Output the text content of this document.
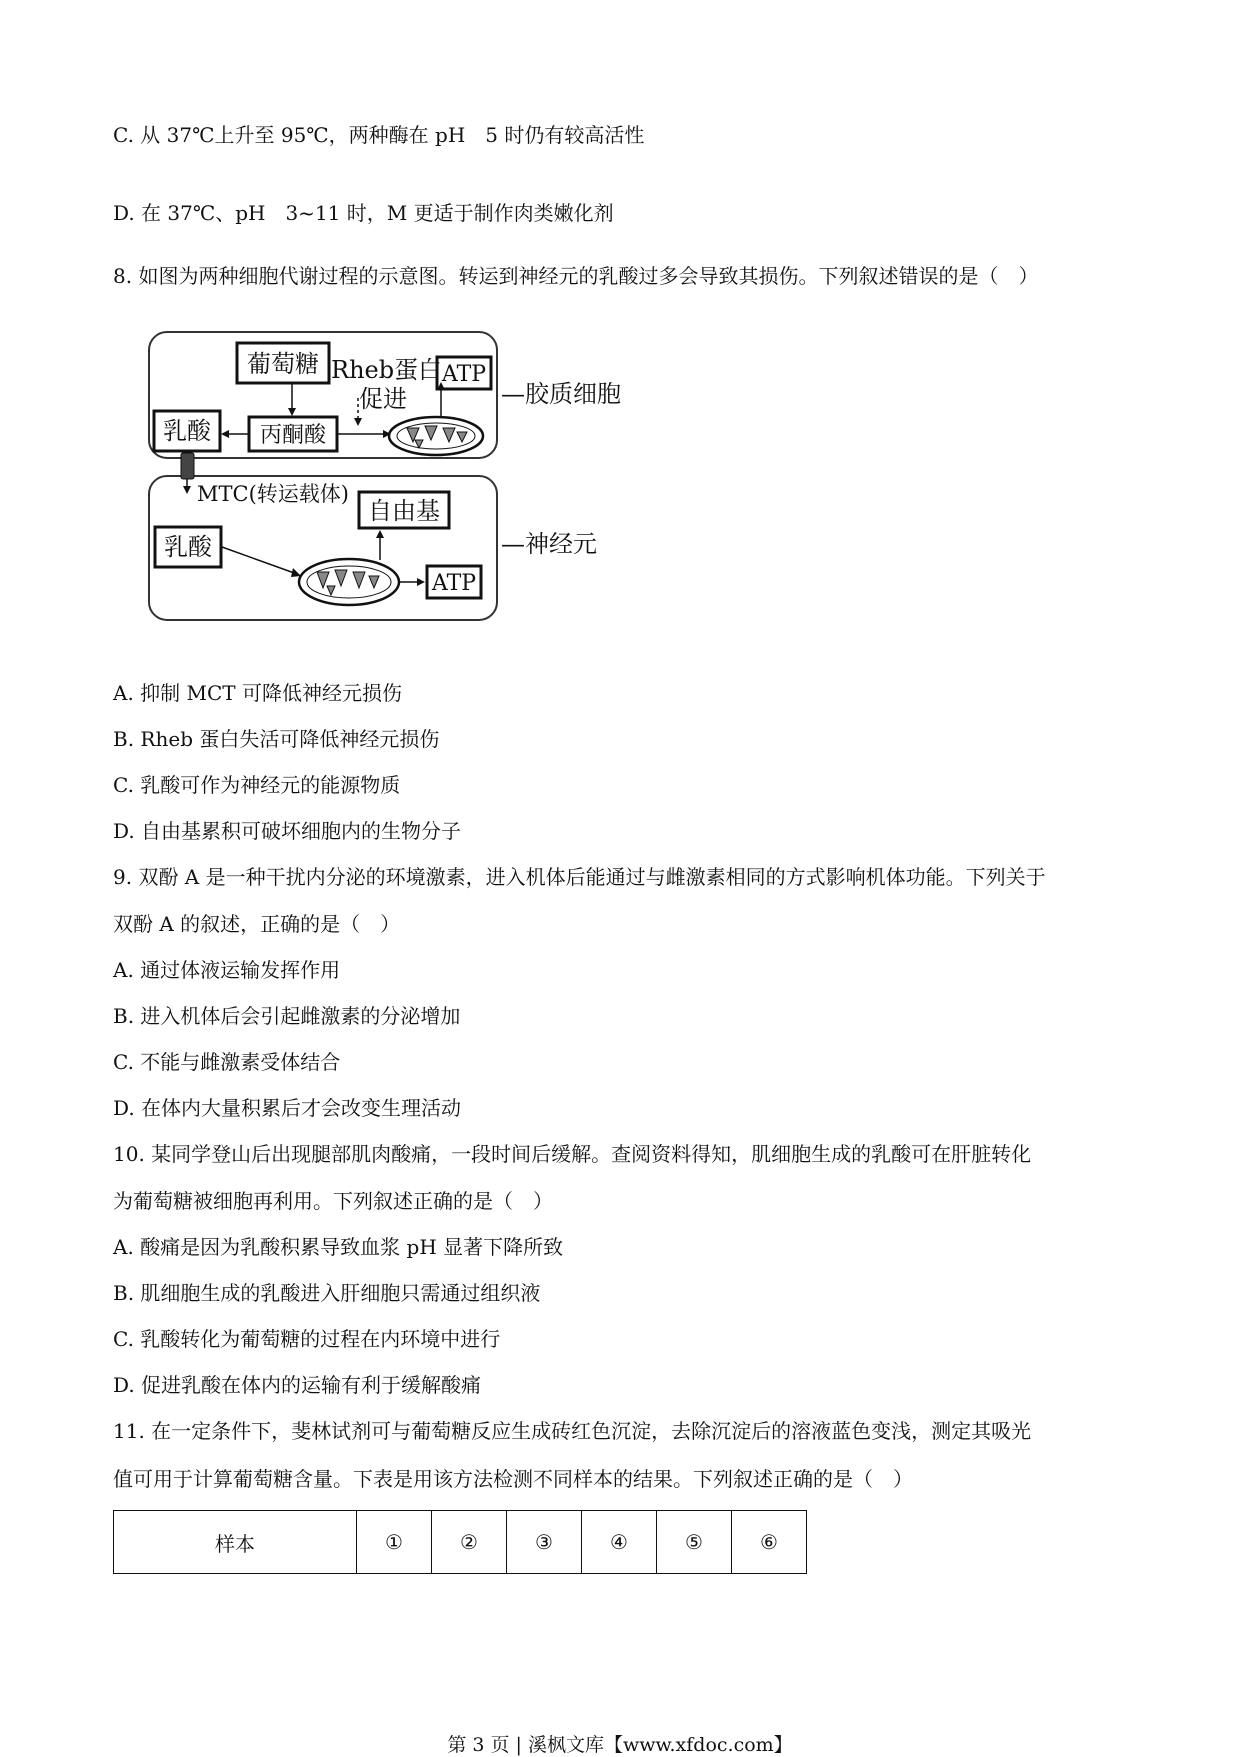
C. 从 37℃上升至 95℃，两种酶在 pH　5 时仍有较高活性
D. 在 37℃、pH　3~11 时，M 更适于制作肉类嫩化剂
8. 如图为两种细胞代谢过程的示意图。转运到神经元的乳酸过多会导致其损伤。下列叙述错误的是（　）
葡萄糖
丙酮酸
乳酸
Rheb蛋白
促进
ATP
—胶质细胞
MTC(转运载体)
自由基
乳酸
ATP
—神经元
A. 抑制 MCT 可降低神经元损伤
B. Rheb 蛋白失活可降低神经元损伤
C. 乳酸可作为神经元的能源物质
D. 自由基累积可破坏细胞内的生物分子
9. 双酚 A 是一种干扰内分泌的环境激素，进入机体后能通过与雌激素相同的方式影响机体功能。下列关于
双酚 A 的叙述，正确的是（　）
A. 通过体液运输发挥作用
B. 进入机体后会引起雌激素的分泌增加
C. 不能与雌激素受体结合
D. 在体内大量积累后才会改变生理活动
10. 某同学登山后出现腿部肌肉酸痛，一段时间后缓解。查阅资料得知，肌细胞生成的乳酸可在肝脏转化
为葡萄糖被细胞再利用。下列叙述正确的是（　）
A. 酸痛是因为乳酸积累导致血浆 pH 显著下降所致
B. 肌细胞生成的乳酸进入肝细胞只需通过组织液
C. 乳酸转化为葡萄糖的过程在内环境中进行
D. 促进乳酸在体内的运输有利于缓解酸痛
11. 在一定条件下，斐林试剂可与葡萄糖反应生成砖红色沉淀，去除沉淀后的溶液蓝色变浅，测定其吸光
值可用于计算葡萄糖含量。下表是用该方法检测不同样本的结果。下列叙述正确的是（　）
样本	①	②	③	④	⑤	⑥
第 3 页 | 溪枫文库【www.xfdoc.com】
